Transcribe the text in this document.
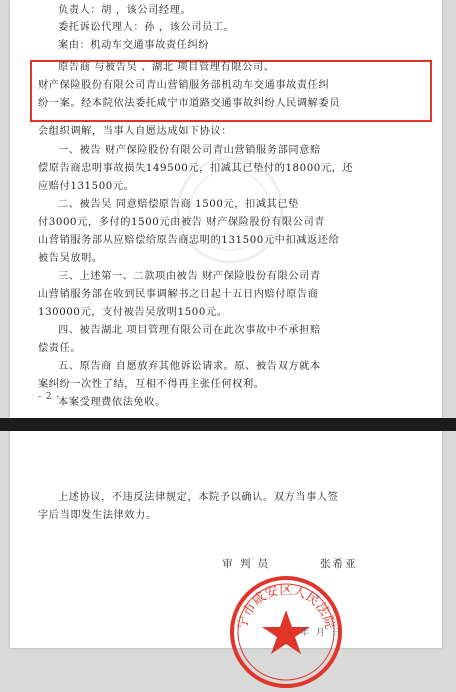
负责人：胡 ，该公司经理。
委托诉讼代理人：孙 ，该公司员工。
案由：机动车交通事故责任纠纷
原告商 与被告吴 、湖北 项目管理有限公司、
财产保险股份有限公司青山营销服务部机动车交通事故责任纠
纷一案。经本院依法委托咸宁市道路交通事故纠纷人民调解委员
会组织调解，当事人自愿达成如下协议：
一、被告 财产保险股份有限公司青山营销服务部同意赔
偿原告商忠明事故损失149500元，扣减其已垫付的18000元，还
应赔付131500元。
二、被告吴 同意赔偿原告商 1500元，扣减其已垫
付3000元，多付的1500元由被告 财产保险股份有限公司青
山营销服务部从应赔偿给原告商忠明的131500元中扣减返还给
被告吴放明。
三、上述第一、二款项由被告 财产保险股份有限公司青
山营销服务部在收到民事调解书之日起十五日内赔付原告商
130000元，支付被告吴放明1500元。
四、被告湖北 项目管理有限公司在此次事故中不承担赔
偿责任。
五、原告商 自愿放弃其他诉讼请求。原、被告双方就本
案纠纷一次性了结，互相不得再主张任何权利。
本案受理费依法免收。
上述协议，不违反法律规定，本院予以确认。双方当事人签
字后当即发生法律效力。
审 判 员	张希亚
宁市咸安区人民法院
年 月 日
- 2 -
